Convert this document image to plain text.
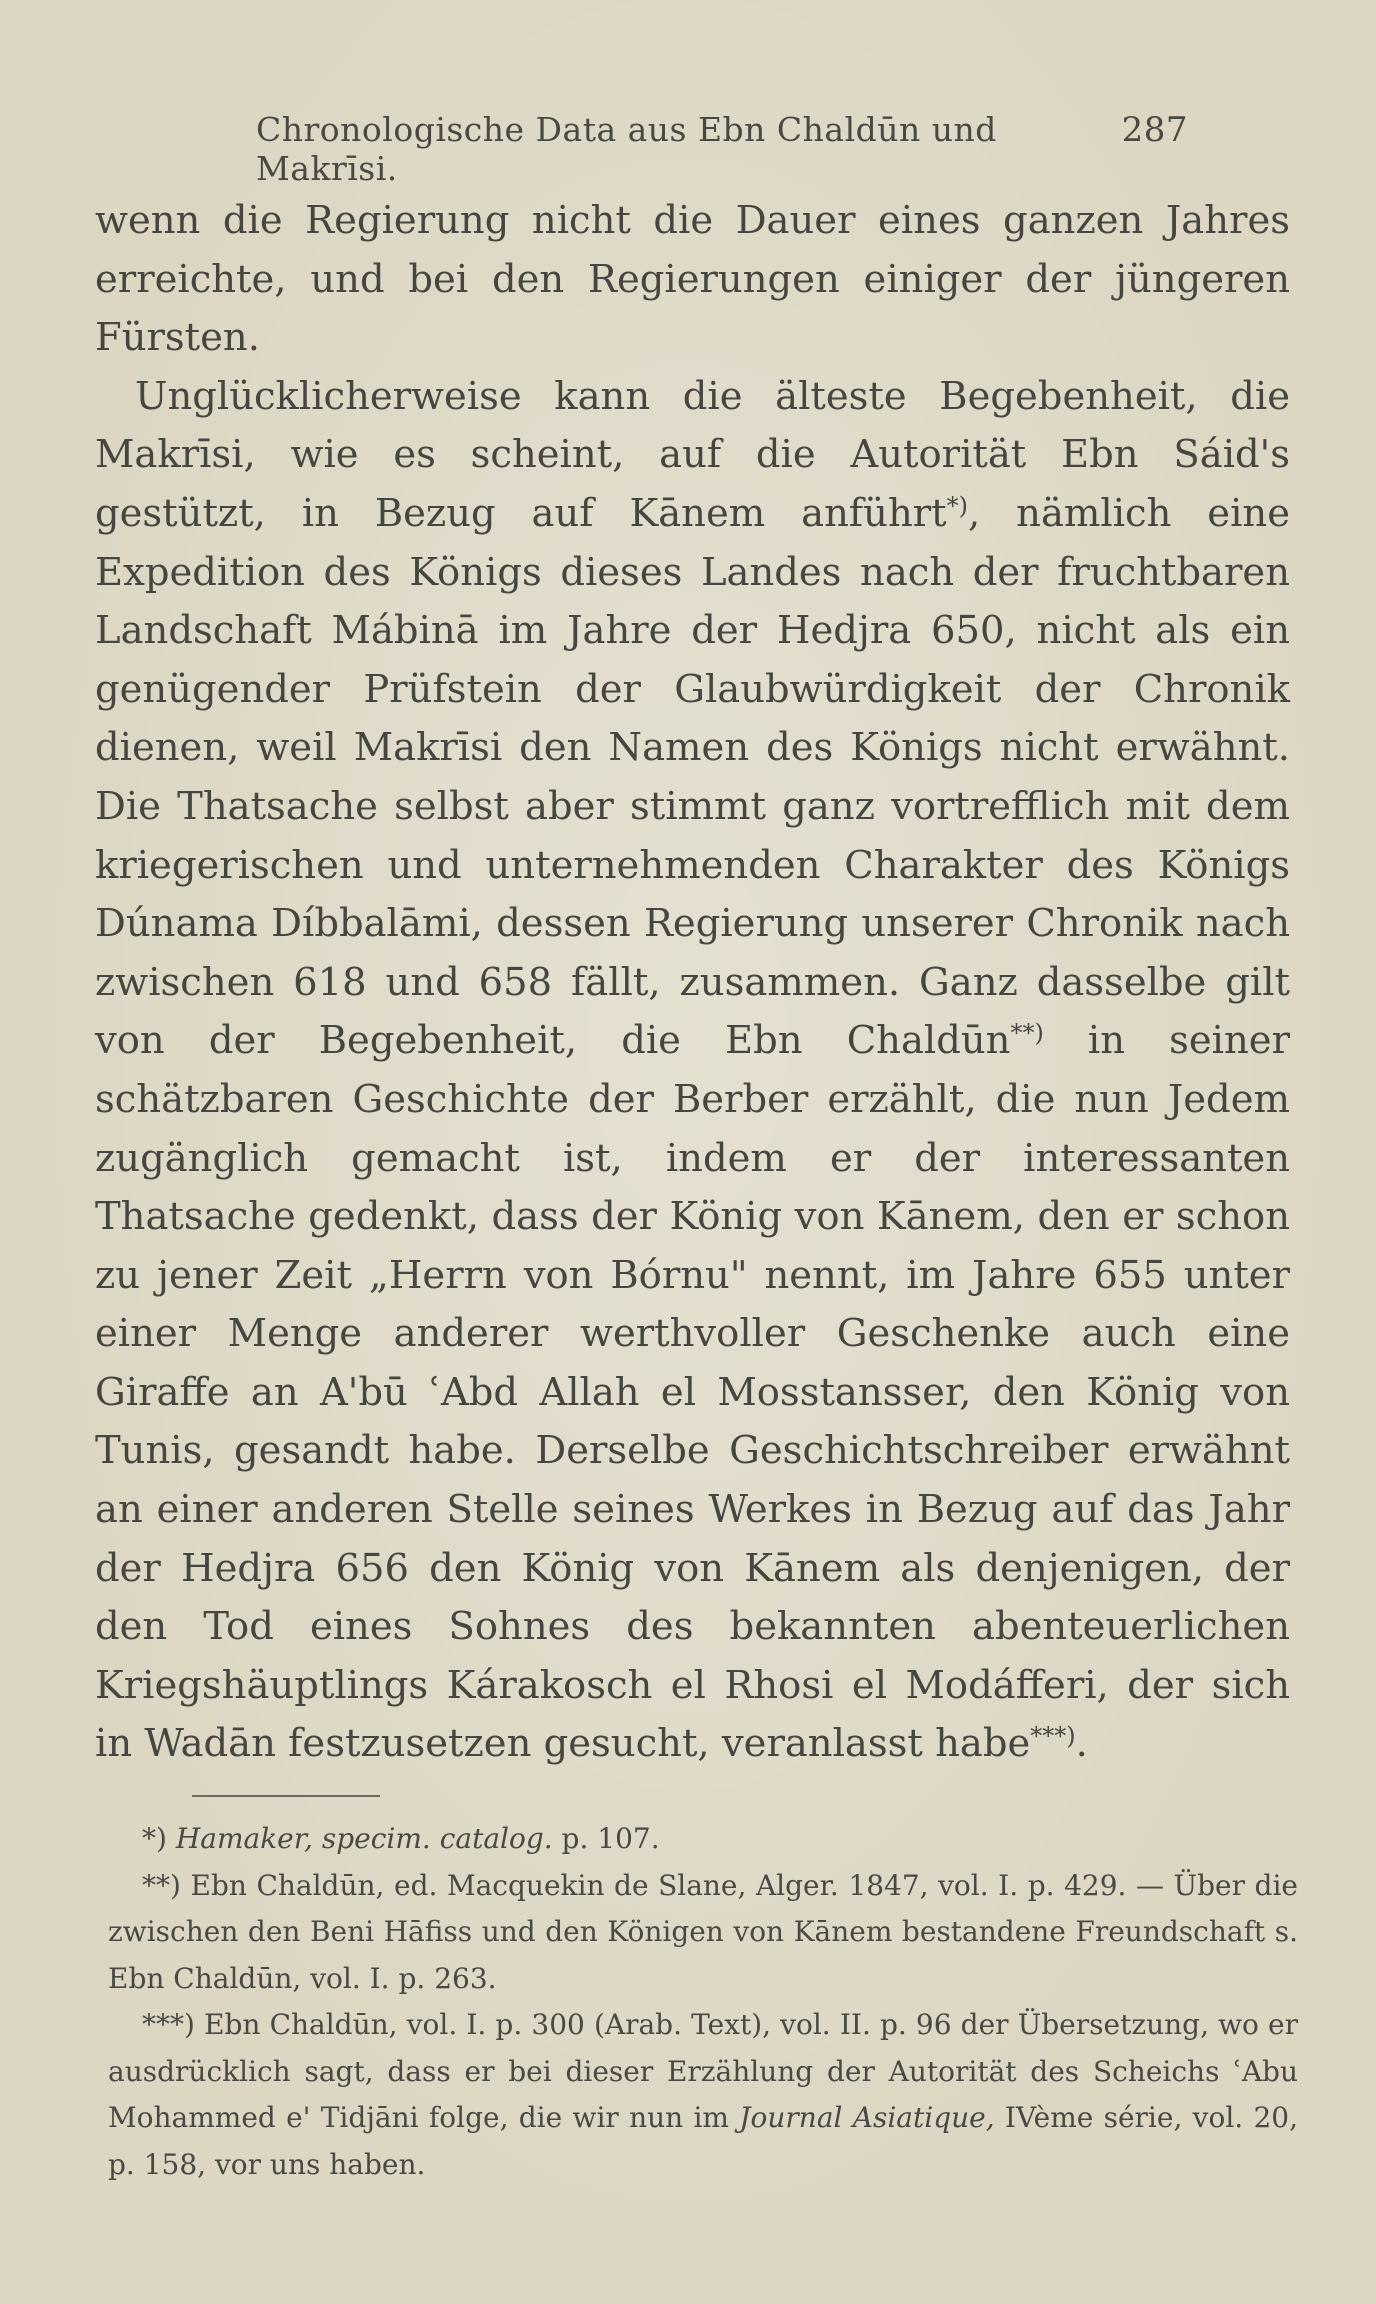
Chronologische Data aus Ebn Chaldūn und Makrīsi.
287

wenn die Regierung nicht die Dauer eines ganzen Jahres erreichte, und bei den Regierungen einiger der jüngeren Fürsten.

Unglücklicherweise kann die älteste Begebenheit, die Makrīsi, wie es scheint, auf die Autorität Ebn Sáid's gestützt, in Bezug auf Kānem anführt*), nämlich eine Expedition des Königs dieses Landes nach der fruchtbaren Landschaft Mábinā im Jahre der Hedjra 650, nicht als ein genügender Prüfstein der Glaubwürdigkeit der Chronik dienen, weil Makrīsi den Namen des Königs nicht erwähnt. Die Thatsache selbst aber stimmt ganz vortrefflich mit dem kriegerischen und unternehmenden Charakter des Königs Dúnama Díbbalāmi, dessen Regierung unserer Chronik nach zwischen 618 und 658 fällt, zusammen. Ganz dasselbe gilt von der Begebenheit, die Ebn Chaldūn**) in seiner schätzbaren Geschichte der Berber erzählt, die nun Jedem zugänglich gemacht ist, indem er der interessanten Thatsache gedenkt, dass der König von Kānem, den er schon zu jener Zeit „Herrn von Bórnu" nennt, im Jahre 655 unter einer Menge anderer werthvoller Geschenke auch eine Giraffe an A'bū ʿAbd Allah el Mosstansser, den König von Tunis, gesandt habe. Derselbe Geschichtschreiber erwähnt an einer anderen Stelle seines Werkes in Bezug auf das Jahr der Hedjra 656 den König von Kānem als denjenigen, der den Tod eines Sohnes des bekannten abenteuerlichen Kriegshäuptlings Kárakosch el Rhosi el Modáfferi, der sich in Wadān festzusetzen gesucht, veranlasst habe***).

*) Hamaker, specim. catalog. p. 107.

**) Ebn Chaldūn, ed. Macquekin de Slane, Alger. 1847, vol. I. p. 429. — Über die zwischen den Beni Hāfiss und den Königen von Kānem bestandene Freundschaft s. Ebn Chaldūn, vol. I. p. 263.

***) Ebn Chaldūn, vol. I. p. 300 (Arab. Text), vol. II. p. 96 der Übersetzung, wo er ausdrücklich sagt, dass er bei dieser Erzählung der Autorität des Scheichs ʿAbu Mohammed e' Tidjāni folge, die wir nun im Journal Asiatique, IVème série, vol. 20, p. 158, vor uns haben.
